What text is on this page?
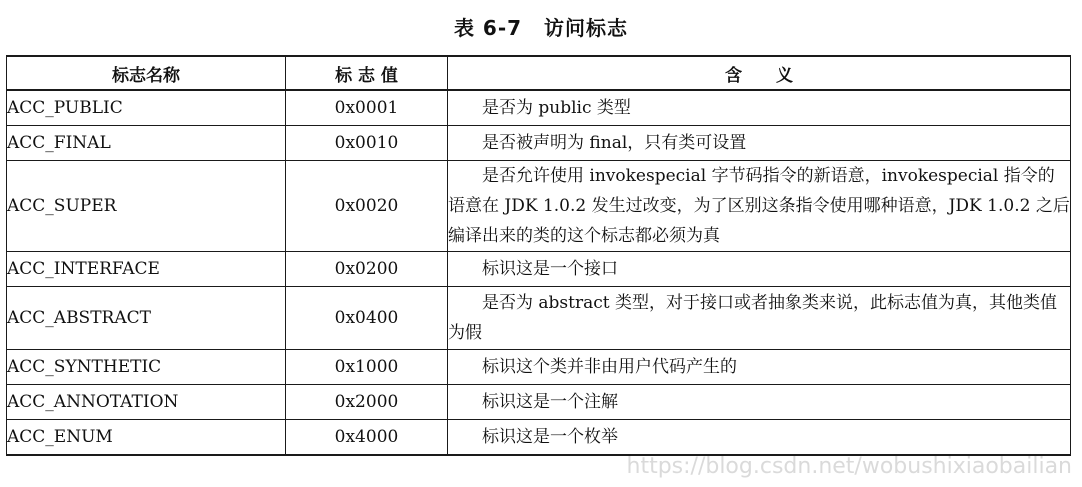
表 6-7 访问标志
标志名称	标 志 值	含　　义
ACC_PUBLIC	0x0001	是否为 public 类型
ACC_FINAL	0x0010	是否被声明为 final，只有类可设置
ACC_SUPER	0x0020	是否允许使用 invokespecial 字节码指令的新语意，invokespecial 指令的语意在 JDK 1.0.2 发生过改变，为了区别这条指令使用哪种语意，JDK 1.0.2 之后编译出来的类的这个标志都必须为真
ACC_INTERFACE	0x0200	标识这是一个接口
ACC_ABSTRACT	0x0400	是否为 abstract 类型，对于接口或者抽象类来说，此标志值为真，其他类值为假
ACC_SYNTHETIC	0x1000	标识这个类并非由用户代码产生的
ACC_ANNOTATION	0x2000	标识这是一个注解
ACC_ENUM	0x4000	标识这是一个枚举
https://blog.csdn.net/wobushixiaobailian
